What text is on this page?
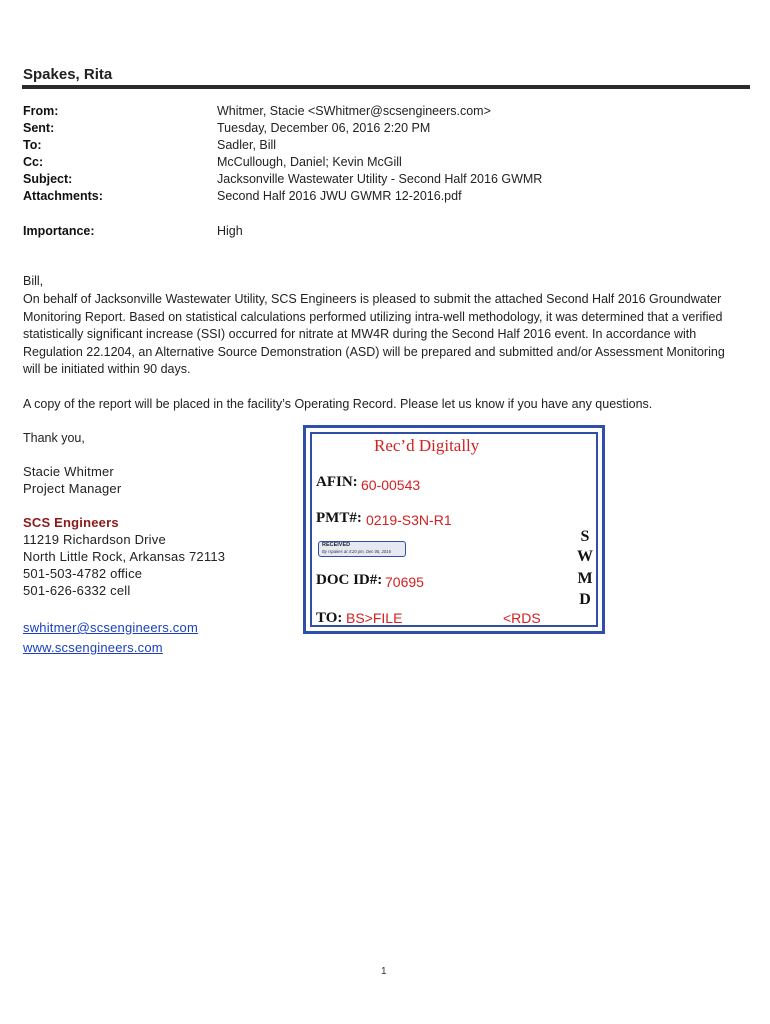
Spakes, Rita
From:	Whitmer, Stacie <SWhitmer@scsengineers.com>
Sent:	Tuesday, December 06, 2016 2:20 PM
To:	Sadler, Bill
Cc:	McCullough, Daniel; Kevin McGill
Subject:	Jacksonville Wastewater Utility - Second Half 2016 GWMR
Attachments:	Second Half 2016 JWU GWMR 12-2016.pdf
Importance:	High
Bill,
On behalf of Jacksonville Wastewater Utility, SCS Engineers is pleased to submit the attached Second Half 2016 Groundwater Monitoring Report. Based on statistical calculations performed utilizing intra-well methodology, it was determined that a verified statistically significant increase (SSI) occurred for nitrate at MW4R during the Second Half 2016 event. In accordance with Regulation 22.1204, an Alternative Source Demonstration (ASD) will be prepared and submitted and/or Assessment Monitoring will be initiated within 90 days.
A copy of the report will be placed in the facility’s Operating Record. Please let us know if you have any questions.
Thank you,
Stacie Whitmer
Project Manager
SCS Engineers
11219 Richardson Drive
North Little Rock, Arkansas 72113
501-503-4782 office
501-626-6332 cell
swhitmer@scsengineers.com
www.scsengineers.com
Rec’d Digitally
AFIN: 60-00543
PMT#: 0219-S3N-R1
RECEIVED
By rspakes at 4:20 pm, Dec 06, 2016
DOC ID#: 70695
TO: BS>FILE	<RDS
S
W
M
D
1
